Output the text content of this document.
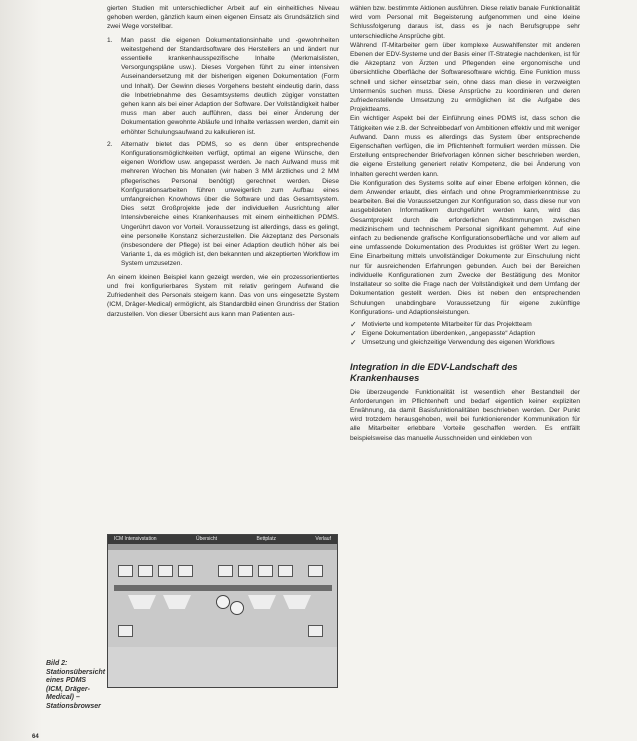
gierten Studien mit unterschiedlicher Arbeit auf ein einheitliches Niveau gehoben werden, gänzlich kaum einen eigenen Einsatz als Grundsätzlich sind zwei Wege vorstellbar.

1. Man passt die eigenen Dokumentationsinhalte und -gewohnheiten weitestgehend der Standardsoftware des Herstellers an und ändert nur essentielle krankenhausspezifische Inhalte (Merkmalslisten, Versorgungspläne usw.). Dieses Vorgehen führt zu einer intensiven Auseinandersetzung mit der bisherigen eigenen Dokumentation (Form und Inhalt). Der Gewinn dieses Vorgehens besteht eindeutig darin, dass die Inbetriebnahme des Gesamtsystems deutlich zügiger vonstatten gehen kann als bei einer Adaption der Software. Der Vollständigkeit halber muss man aber auch aufführen, dass bei einer Änderung der Dokumentation gewohnte Abläufe und Inhalte verlassen werden, damit ein erhöhter Schulungsaufwand zu kalkulieren ist.
2. Alternativ bietet das PDMS, so es denn über entsprechende Konfigurationsmöglichkeiten verfügt, optimal an eigene Wünsche, den eigenen Workflow usw. angepasst werden. Je nach Aufwand muss mit mehreren Wochen bis Monaten (wir haben 3 MM ärztliches und 2 MM pflegerisches Personal benötigt) gerechnet werden. Diese Konfigurationsarbeiten führen unweigerlich zum Aufbau eines umfangreichen Knowhows über die Software und das Gesamtsystem. Dies setzt Großprojekte jede der individuellen Ausrichtung aller Intensivbereiche eines Krankenhauses mit einem einheitlichen PDMS. Ungerührt davon vor Vorteil. Voraussetzung ist allerdings, dass es gelingt, eine personelle Konstanz sicherzustellen. Die Akzeptanz des Personals (insbesondere der Pflege) ist bei einer Adaption deutlich höher als bei Variante 1, da es möglich ist, den bekannten und akzeptierten Workflow im System umzusetzen.

An einem kleinen Beispiel kann gezeigt werden, wie ein prozessorientiertes und frei konfigurierbares System mit relativ geringem Aufwand die Zufriedenheit des Personals steigern kann. Das von uns eingesetzte System (ICM, Dräger-Medical) ermöglicht, als Standardbild einen Grundriss der Station darzustellen. Von dieser Übersicht aus kann man Patienten aus-

ICM Intensivstation	Übersicht	Bettplatz	Verlauf
Bild 2: Stationsübersicht eines PDMS (ICM, Dräger-Medical) – Stationsbrowser

wählen bzw. bestimmte Aktionen ausführen. Diese relativ banale Funktionalität wird vom Personal mit Begeisterung aufgenommen und eine kleine Schlussfolgerung daraus ist, dass es je nach Berufsgruppe sehr unterschiedliche Ansprüche gibt.

Während IT-Mitarbeiter gern über komplexe Auswahlfenster mit anderen Ebenen der EDV-Systeme und der Basis einer IT-Strategie nachdenken, ist für die Akzeptanz von Ärzten und Pflegenden eine ergonomische und übersichtliche Oberfläche der Softwaresoftware wichtig. Eine Funktion muss schnell und sicher einsetzbar sein, ohne dass man diese in verzweigten Untermenüs suchen muss. Diese Ansprüche zu koordinieren und deren zufriedenstellende Umsetzung zu ermöglichen ist die Aufgabe des Projektteams.

Ein wichtiger Aspekt bei der Einführung eines PDMS ist, dass schon die Tätigkeiten wie z.B. der Schreibbedarf von Ambitionen effektiv und mit weniger Aufwand. Dann muss es allerdings das System über entsprechende Eigenschaften verfügen, die im Pflichtenheft formuliert werden müssen. Die Erstellung entsprechender Briefvorlagen können sicher beschrieben werden, die eigene Erstellung generiert relativ Kompetenz, die bei Änderung von Inhalten gerecht werden kann.

Die Konfiguration des Systems sollte auf einer Ebene erfolgen können, die dem Anwender erlaubt, dies einfach und ohne Programmierkenntnisse zu bearbeiten. Bei die Voraussetzungen zur Konfiguration so, dass diese nur von ausgebildeten Informatikern durchgeführt werden kann, wird das Gesamtprojekt durch die erforderlichen Abstimmungen zwischen medizinischem und technischem Personal signifikant gehemmt. Auf eine einfach zu bedienende grafische Konfigurationsoberfläche und vor allem auf eine umfassende Dokumentation des Produktes ist größter Wert zu legen. Eine Einarbeitung mittels unvollständiger Dokumente zur Einschulung nicht nur für ausreichenden Erfahrungen gebunden. Auch bei der Bereichen individuelle Konfigurationen zum Zwecke der Bestätigung des Monitor Installateur so sollte die Frage nach der Vollständigkeit und dem Umfang der Dokumentation gestellt werden. Dies ist neben den entsprechenden Schulungen unabdingbare Voraussetzung für eigene zukünftige Konfigurations- und Adaptionsleistungen.

✓ Motivierte und kompetente Mitarbeiter für das Projektteam
✓ Eigene Dokumentation überdenken, „angepasste“ Adaption
✓ Umsetzung und gleichzeitige Verwendung des eigenen Workflows
Integration in die EDV-Landschaft des Krankenhauses

Die überzeugende Funktionalität ist wesentlich eher Bestandteil der Anforderungen im Pflichtenheft und bedarf eigentlich keiner expliziten Erwähnung, da damit Basisfunktionalitäten beschrieben werden. Der Punkt wird trotzdem herausgehoben, weil bei funktionierender Kommunikation für alle Mitarbeiter erlebbare Vorteile geschaffen werden. Es entfällt beispielsweise das manuelle Ausschneiden und einkleben von

64
